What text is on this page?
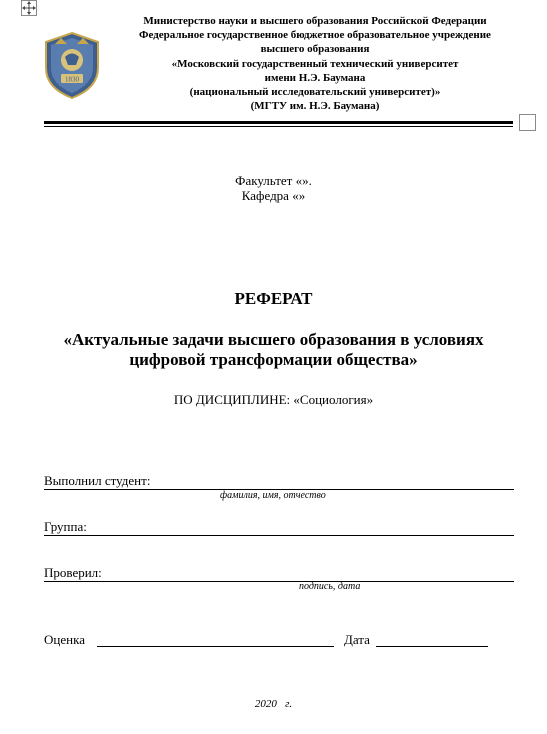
1830
Министерство науки и высшего образования Российской Федерации
Федеральное государственное бюджетное образовательное учреждение
высшего образования
«Московский государственный технический университет
имени Н.Э. Баумана
(национальный исследовательский университет)»
(МГТУ им. Н.Э. Баумана)
Факультет «».
Кафедра «»
РЕФЕРАТ
«Актуальные задачи высшего образования в условиях
цифровой трансформации общества»
ПО ДИСЦИПЛИНЕ: «Социология»
Выполнил студент:
фамилия, имя, отчество
Группа:
Проверил:
подпись, дата
Оценка	Дата
2020 г.
